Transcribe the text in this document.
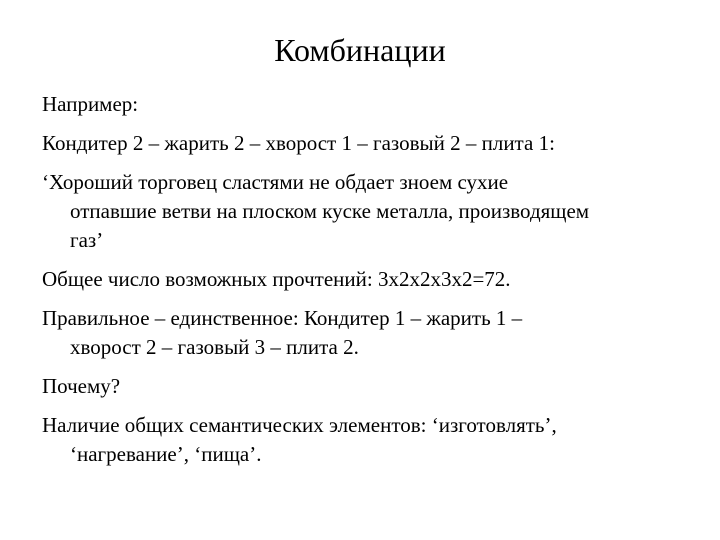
Комбинации
Например:
Кондитер 2 – жарить 2 – хворост 1 – газовый 2 – плита 1:
‘Хороший торговец сластями не обдает зноем сухие
отпавшие ветви на плоском куске металла, производящем
газ’
Общее число возможных прочтений: 3x2x2x3x2=72.
Правильное – единственное: Кондитер 1 – жарить 1 –
хворост 2 – газовый 3 – плита 2.
Почему?
Наличие общих семантических элементов: ‘изготовлять’,
‘нагревание’, ‘пища’.
